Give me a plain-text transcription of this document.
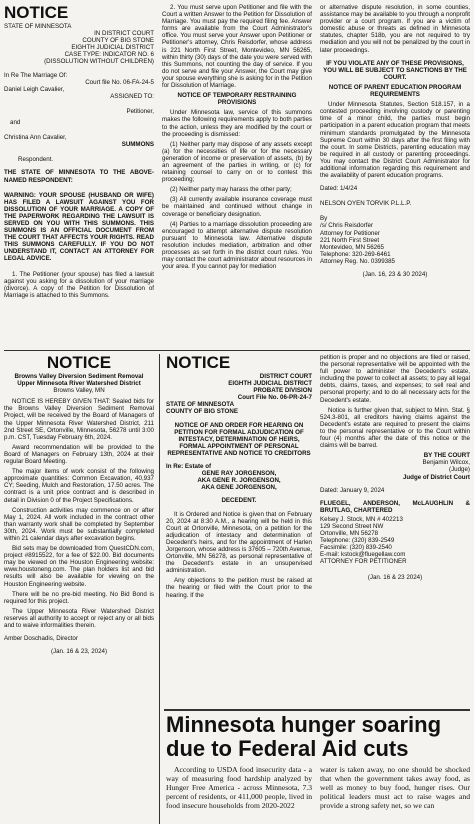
NOTICE
STATE OF MINNESOTA
IN DISTRICT COURT
COUNTY OF BIG STONE
EIGHTH JUDICIAL DISTRICT
CASE TYPE: INDICATOR NO. 6
(DISSOLUTION WITHOUT CHILDREN)
In Re The Marriage Of:
Court file No. 06-FA-24-5
Daniel Leigh Cavalier,
ASSIGNED TO:
Petitioner,
and
Christina Ann Cavalier,
SUMMONS
Respondent.

THE STATE OF MINNESOTA TO THE ABOVE-NAMED RESPONDENT:

WARNING: YOUR SPOUSE (HUSBAND OR WIFE) HAS FILED A LAWSUIT AGAINST YOU FOR DISSOLUTION OF YOUR MARRIAGE. A COPY OF THE PAPERWORK REGARDING THE LAWSUIT IS SERVED ON YOU WITH THIS SUMMONS. THIS SUMMONS IS AN OFFICIAL DOCUMENT FROM THE COURT THAT AFFECTS YOUR RIGHTS. READ THIS SUMMONS CAREFULLY. IF YOU DO NOT UNDERSTAND IT, CONTACT AN ATTORNEY FOR LEGAL ADVICE.

1. The Petitioner (your spouse) has filed a lawsuit against you asking for a dissolution of your marriage (divorce). A copy of the Petition for Dissolution of Marriage is attached to this Summons.

2. You must serve upon Petitioner and file with the Court a written Answer to the Petition for Dissolution of Marriage. You must pay the required filing fee. Answer forms are available from the Court Administrator's office. You must serve your Answer upon Petitioner or Petitioner's attorney, Chris Reisdorfer, whose address is 221 North First Street, Montevideo, MN 56265, within thirty (30) days of the date you were served with this Summons, not counting the day of service. If you do not serve and file your Answer, the Court may give your spouse everything she is asking for in the Petition for Dissolution of Marriage.

NOTICE OF TEMPORARY RESTRAINING PROVISIONS

Under Minnesota law, service of this summons makes the following requirements apply to both parties to the action, unless they are modified by the court or the proceeding is dismissed:

(1) Neither party may dispose of any assets except (a) for the necessities of life or for the necessary generation of income or preservation of assets, (b) by an agreement of the parties in writing, or (c) for retaining counsel to carry on or to contest this proceeding;

(2) Neither party may harass the other party;

(3) All currently available insurance coverage must be maintained and continued without change in coverage or beneficiary designation.

(4) Parties to a marriage dissolution proceeding are encouraged to attempt alternative dispute resolution pursuant to Minnesota law. Alternative dispute resolution includes mediation, arbitration and other processes as set forth in the district court rules. You may contact the court administrator about resources in your area. If you cannot pay for mediation

or alternative dispute resolution, in some counties, assistance may be available to you through a nonprofit provider or a court program. If you are a victim of domestic abuse or threats as defined in Minnesota statutes, chapter 518b, you are not required to try mediation and you will not be penalized by the court in later proceedings.

IF YOU VIOLATE ANY OF THESE PROVISIONS, YOU WILL BE SUBJECT TO SANCTIONS BY THE COURT.

NOTICE OF PARENT EDUCATION PROGRAM REQUIREMENTS

Under Minnesota Statutes, Section 518.157, in a contested proceeding involving custody or parenting time of a minor child, the parties must begin participation in a parent education program that meets minimum standards promulgated by the Minnesota Supreme Court within 30 days after the first filing with the court. In some Districts, parenting education may be required in all custody or parenting proceedings. You may contact the District Court Administrator for additional information regarding this requirement and the availability of parent education programs.

Dated: 1/4/24

NELSON OYEN TORVIK P.L.L.P.

By
/s/ Chris Reisdorfer
Attorney for Petitioner
221 North First Street
Montevideo, MN 56265
Telephone: 320-269-6461
Attorney Reg. No. 0399385
(Jan. 16, 23 & 30 2024)
NOTICE
Browns Valley Diversion Sediment Removal
Upper Minnesota River Watershed District
Browns Valley, MN

NOTICE IS HEREBY GIVEN THAT: Sealed bids for the Browns Valley Diversion Sediment Removal Project, will be received by the Board of Managers of the Upper Minnesota River Watershed District, 211 2nd Street SE, Ortonville, Minnesota, 56278 until 3:00 p.m. CST, Tuesday February 6th, 2024.

Award recommendation will be provided to the Board of Managers on February 13th, 2024 at their regular Board Meeting.

The major items of work consist of the following approximate quantities: Common Excavation, 40,937 CY; Seeding, Mulch and Restoration, 17.50 acres. The contract is a unit price contract and is described in detail in Division 0 of the Project Specifications.

Construction activities may commence on or after May 1, 2024. All work included in the contract other than warranty work shall be completed by September 30th, 2024. Work must be substantially completed within 21 calendar days after excavation begins.

Bid sets may be downloaded from QuestCDN.com, project #8915522, for a fee of $22.00. Bid documents may be viewed on the Houston Engineering website: www.houstoneng.com. The plan holders list and bid results will also be available for viewing on the Houston Engineering website.

There will be no pre-bid meeting. No Bid Bond is required for this project.

The Upper Minnesota River Watershed District reserves all authority to accept or reject any or all bids and to waive informalities therein.

Amber Doschadis, Director

(Jan. 16 & 23, 2024)
NOTICE
DISTRICT COURT
EIGHTH JUDICIAL DISTRICT
PROBATE DIVISION
Court File No. 06-PR-24-7
STATE OF MINNESOTA
COUNTY OF BIG STONE

NOTICE OF AND ORDER FOR HEARING ON PETITION FOR FORMAL ADJUDICATION OF INTESTACY, DETERMINATION OF HEIRS, FORMAL APPOINTMENT OF PERSONAL REPRESENTATIVE AND NOTICE TO CREDITORS

In Re: Estate of
GENE RAY JORGENSON,
AKA GENE R. JORGENSON,
AKA GENE JORGENSON,
DECEDENT.

It is Ordered and Notice is given that on February 20, 2024 at 8:30 A.M., a hearing will be held in this Court at Ortonville, Minnesota, on a petition for the adjudication of intestacy and determination of Decedent's heirs, and for the appointment of Harlen Jorgenson, whose address is 37605 – 720th Avenue, Ortonville, MN 56278, as personal representative of the Decedent's estate in an unsupervised administration.

Any objections to the petition must be raised at the hearing or filed with the Court prior to the hearing. If the

petition is proper and no objections are filed or raised, the personal representative will be appointed with the full power to administer the Decedent's estate, including the power to collect all assets; to pay all legal debts, claims, taxes, and expenses; to sell real and personal property; and to do all necessary acts for the Decedent's estate.

Notice is further given that, subject to Minn. Stat. § 524.3-801, all creditors having claims against the Decedent's estate are required to present the claims to the personal representative or to the Court within four (4) months after the date of this notice or the claims will be barred.

BY THE COURT
Benjamin Wilcox,
(Judge)
Judge of District Court
Dated: January 9, 2024

FLUEGEL, ANDERSON, McLAUGHLIN & BRUTLAG, CHARTERED

Kelsey J. Stock, MN # 402213
129 Second Street NW
Ortonville, MN 56278
Telephone: (320) 839-2549
Facsimile: (320) 839-2540
E-mail: kstock@fluegellaw.com
ATTORNEY FOR PETITIONER
(Jan. 16 & 23 2024)
Minnesota hunger soaring due to Federal Aid cuts
According to USDA food insecurity data - a way of measuring food hardship analyzed by Hunger Free America - across Minnesota, 7.3 percent of residents, or 411,000 people, lived in food insecure households from 2020-2022
water is taken away, no one should be shocked that when the government takes away food, as well as money to buy food, hunger rises. Our political leaders must act to raise wages and provide a strong safety net, so we can
